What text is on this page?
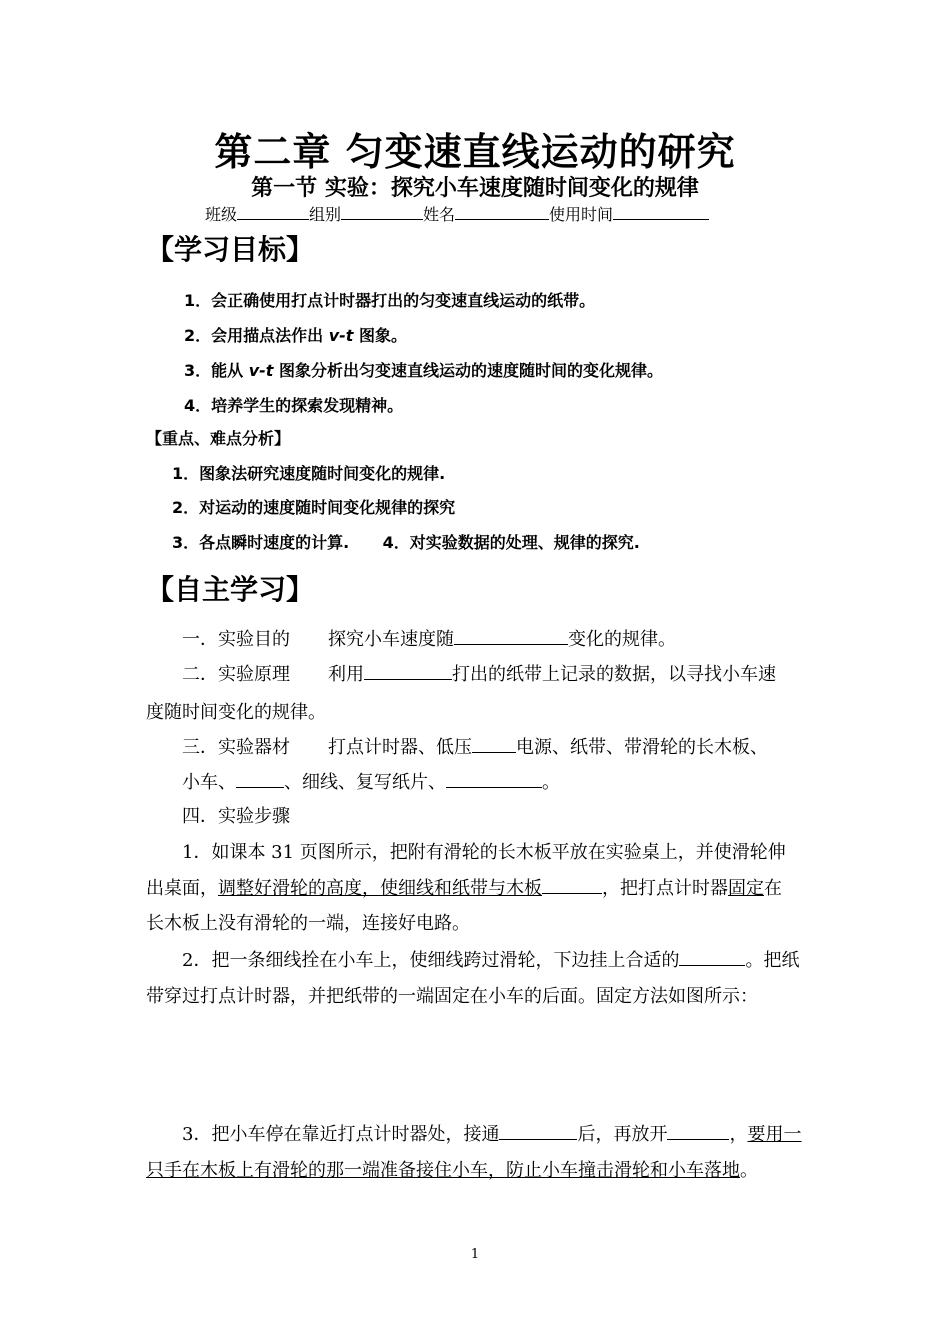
第二章 匀变速直线运动的研究
第一节 实验：探究小车速度随时间变化的规律
班级	组别	姓名	使用时间
【学习目标】
1．会正确使用打点计时器打出的匀变速直线运动的纸带。
2．会用描点法作出 v-t 图象。
3．能从 v-t 图象分析出匀变速直线运动的速度随时间的变化规律。
4．培养学生的探索发现精神。
【重点、难点分析】
1．图象法研究速度随时间变化的规律.
2．对运动的速度随时间变化规律的探究
3．各点瞬时速度的计算.      4．对实验数据的处理、规律的探究.
【自主学习】
一．实验目的 探究小车速度随	变化的规律。
二．实验原理 利用	打出的纸带上记录的数据，以寻找小车速
度随时间变化的规律。
三．实验器材 打点计时器、低压 电源、纸带、带滑轮的长木板、
小车、	、细线、复写纸片、	。
四．实验步骤
1．如课本 31 页图所示，把附有滑轮的长木板平放在实验桌上，并使滑轮伸
出桌面，调整好滑轮的高度，使细线和纸带与木板	，把打点计时器固定在
长木板上没有滑轮的一端，连接好电路。
2．把一条细线拴在小车上，使细线跨过滑轮，下边挂上合适的	。把纸
带穿过打点计时器，并把纸带的一端固定在小车的后面。固定方法如图所示：
3．把小车停在靠近打点计时器处，接通	后，再放开	，要用一
只手在木板上有滑轮的那一端准备接住小车，防止小车撞击滑轮和小车落地。
1
